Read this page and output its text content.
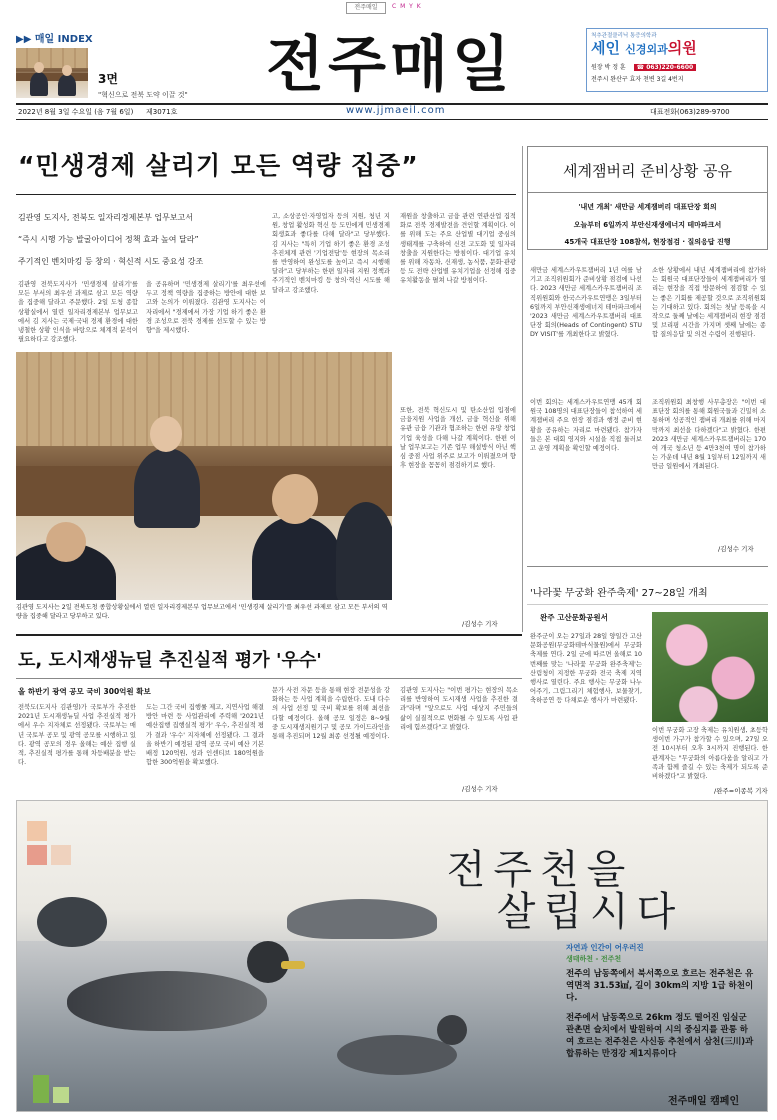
전주매일	C M Y K
▶▶ 매일 INDEX
3면
"혁신으로 전북 도약 이끌 것" 전주매일	척추관절클리닉 통증의학과
세인 신경외과의원
원장 박 정 훈 ☎ 063)220-6600
전주시 완산구 효자 천변 3길 4번지
2022년 8월 3일 수요일 (음 7월 6일) 제3071호	www.jjmaeil.com	대표전화(063)289-9700
“민생경제 살리기 모든 역량 집중”
김관영 도지사, 전북도 일자리경제본부 업무보고서
“즉시 시행 가능 발굴아이디어 정책 효과 높여 달라”
주기적인 벤치마킹 등 창의 · 혁신적 시도 중요성 강조
김관영 전북도지사가 '민생경제 살리기'를 모든 부서의 최우선 과제로 삼고 모든 역량을 집중해 달라고 주문했다. 2일 도청 종합상황실에서 열린 일자리경제본부 업무보고에서 김 지사는 국제·국내 경제 환경에 대한 냉철한 상황 인식을 바탕으로 체계적 분석이 필요하다고 강조했다.
을 공유하며 '민생경제 살리기'를 최우선에 두고 정책 역량을 집중하는 방안에 대한 보고와 논의가 이뤄졌다. 김관영 도지사는 이 자리에서 "경제에서 가장 기업 하기 좋은 환경 조성으로 전북 경제를 선도할 수 있는 방향"을 제시했다.
고, 소상공인·자영업자 등의 지원, 청년 지원, 창업 활성화 혁신 등 도민에게 민생경제 회생효과 좋다를 다해 달라"고 당부했다. 김 지사는 "특히 기업 하기 좋은 환경 조성 추진체계 관련 '기업전담'등 현장의 목소리를 반영하여 완성도를 높이고 즉시 시행해 달라"고 당부하는 한편 일자리 지원 정책과 주기적인 벤치마킹 등 창의·혁신 시도를 해달라고 강조했다.
재원을 창출하고 금융 관련 연관산업 집적화로 전북 경제발전을 견인할 계획이다. 이를 위해 도는 주요 산업별 대기업 중심의 생태계를 구축하여 신전 고도화 및 일자리 창출을 지원한다는 방침이다. 대기업 유치를 위해 자동차, 신재생, 농식품, 문화·관광 등 도 전략 산업별 유치기업을 선정해 집중 유치활동을 펼쳐 나갈 방침이다.
또한, 전북 혁신도시 및 탄소산업 입점에 금융지원 사업을 개선, 금융 혁신을 위해 유관 금융 기관과 협조하는 한편 유망 창업 기업 육성을 다해 나갈 계획이다. 한편 이날 업무보고는 기존 업무 해설방식 아닌 핵심 중점 사업 위주로 보고가 이뤄졌으며 향후 현장을 꼼꼼히 점검하기로 했다.
/김성수 기자
김관영 도지사는 2일 전북도청 종합상황실에서 열린 일자리경제본부 업무보고에서 '민생경제 살리기'를 최우선 과제로 삼고 모든 부서의 역량을 집중해 달라고 당부하고 있다.
세계잼버리 준비상황 공유
'내년 개최' 새만금 세계잼버리 대표단장 회의
오늘부터 6일까지 부안신재생에너지 테마파크서
45개국 대표단장 108참석, 현장점검 · 질의응답 진행
새만금 세계스카우트잼버리 1년 여를 남기고 조직위원회가 준비상황 점검에 나선다. 2023 새만금 세계스카우트잼버리 조직위원회와 한국스카우트연맹은 3일부터 6일까지 부안신재생에너지 테마파크에서 '2023 새만금 세계스카우트잼버리 대표단장 회의(Heads of Contingent) STUDY VISIT'를 개최한다고 밝혔다.
이번 회의는 세계스카우트연맹 45개 회원국 108명의 대표단장들이 참석하여 세계잼버리 주요 현장 점검과 행정 준비 현황을 공유하는 자리로 마련됐다. 참가자들은 본 대회 영지와 시설을 직접 둘러보고 운영 계획을 확인할 예정이다.
소한 상황에서 내년 세계잼버리에 참가하는 회원국 대표단장들이 세계잼버리가 열리는 현장을 직접 방문하여 점검할 수 있는 좋은 기회를 제공할 것으로 조직위원회는 기대하고 있다. 회의는 첫날 등록을 시작으로 둘째 날에는 세계잼버리 현장 점검 및 브리핑 시간을 가지며 셋째 날에는 종합 질의응답 및 의견 수렴이 진행된다.
조직위원회 최창행 사무총장은 "이번 대표단장 회의를 통해 회원국들과 긴밀히 소통하며 성공적인 잼버리 개최를 위해 마지막까지 최선을 다하겠다"고 밝혔다. 한편 2023 새만금 세계스카우트잼버리는 170여 개국 청소년 등 4만3천여 명이 참가하는 가운데 내년 8월 1일부터 12일까지 새만금 일원에서 개최된다.
/김성수 기자
'나라꽃 무궁화 완주축제' 27~28일 개최
완주 고산문화공원서
완주군이 오는 27일과 28일 양일간 고산문화공원(무궁화테마식물원)에서 무궁화 축제를 연다. 2일 군에 따르면 올해로 10번째를 맞는 '나라꽃 무궁화 완주축제'는 산림청이 지정한 무궁화 전국 축제 지역행사로 열린다. 주요 행사는 무궁화 나누어주기, 그림그리기 체험행사, 보물찾기, 축하공연 등 다채로운 행사가 마련됐다.
이번 무궁화 고장 축제는 유치원생, 초등학생이번 가구가 참가할 수 있으며, 27일 오전 10시부터 오후 3시까지 진행된다. 한 관계자는 "무궁화의 아름다움을 알리고 가족과 함께 즐길 수 있는 축제가 되도록 준비하겠다"고 밝혔다.
/완주=이종복 기자
도, 도시재생뉴딜 추진실적 평가 '우수'
올 하반기 광역 공모 국비 300억원 확보
전북도(도지사 김관영)가 국토부가 추진한 2021년 도시재생뉴딜 사업 추진실적 평가에서 우수 지자체로 선정됐다. 국토부는 매년 국토부 공모 및 광역 공모를 시행하고 있다. 광역 공모의 경우 올해는 예산 집행 실적, 추진실적 평가를 통해 차등배분을 받는다.
도는 그간 국비 집행률 제고, 지연사업 해결 방안 마련 등 사업관리에 주력해 '2021년 예산집행 집행실적 평가' 우수, 추진실적 평가 결과 '우수' 지자체에 선정됐다. 그 결과 올 하반기 예정된 광역 공모 국비 예산 기본배정 120억원, 성과 인센티브 180억원을 합한 300억원을 확보했다.
문가 사전 자문 등을 통해 현장 전문성을 강화하는 등 사업 계획을 수립한다. 도내 다수의 사업 선정 및 국비 확보를 위해 최선을 다할 예정이다. 올해 공모 일정은 8~9월 중 도시재생지원기구 및 공모 가이드라인을 통해 추진되며 12월 최종 선정될 예정이다.
김관영 도지사는 "이번 평가는 현장의 목소리를 반영하여 도시재생 사업을 추진한 결과"라며 "앞으로도 사업 대상지 주민들의 삶이 실질적으로 변화될 수 있도록 사업 관리에 힘쓰겠다"고 밝혔다.
/김성수 기자
전주천을
살립시다
자연과 인간이 어우러진
생태하천 - 전주천
전주의 남동쪽에서 북서쪽으로 흐르는 전주천은 유역면적 31.53㎢, 길이 30km의 지방 1급 하천이다.
전주에서 남동쪽으로 26km 정도 떨어진 임실군 관촌면 슬치에서 발원하여 시의 중심지를 관통 하여 흐르는 전주천은 사신동 추천에서 삼천(三川)과 합류하는 만경강 제1지류이다
전주매일 캠페인
